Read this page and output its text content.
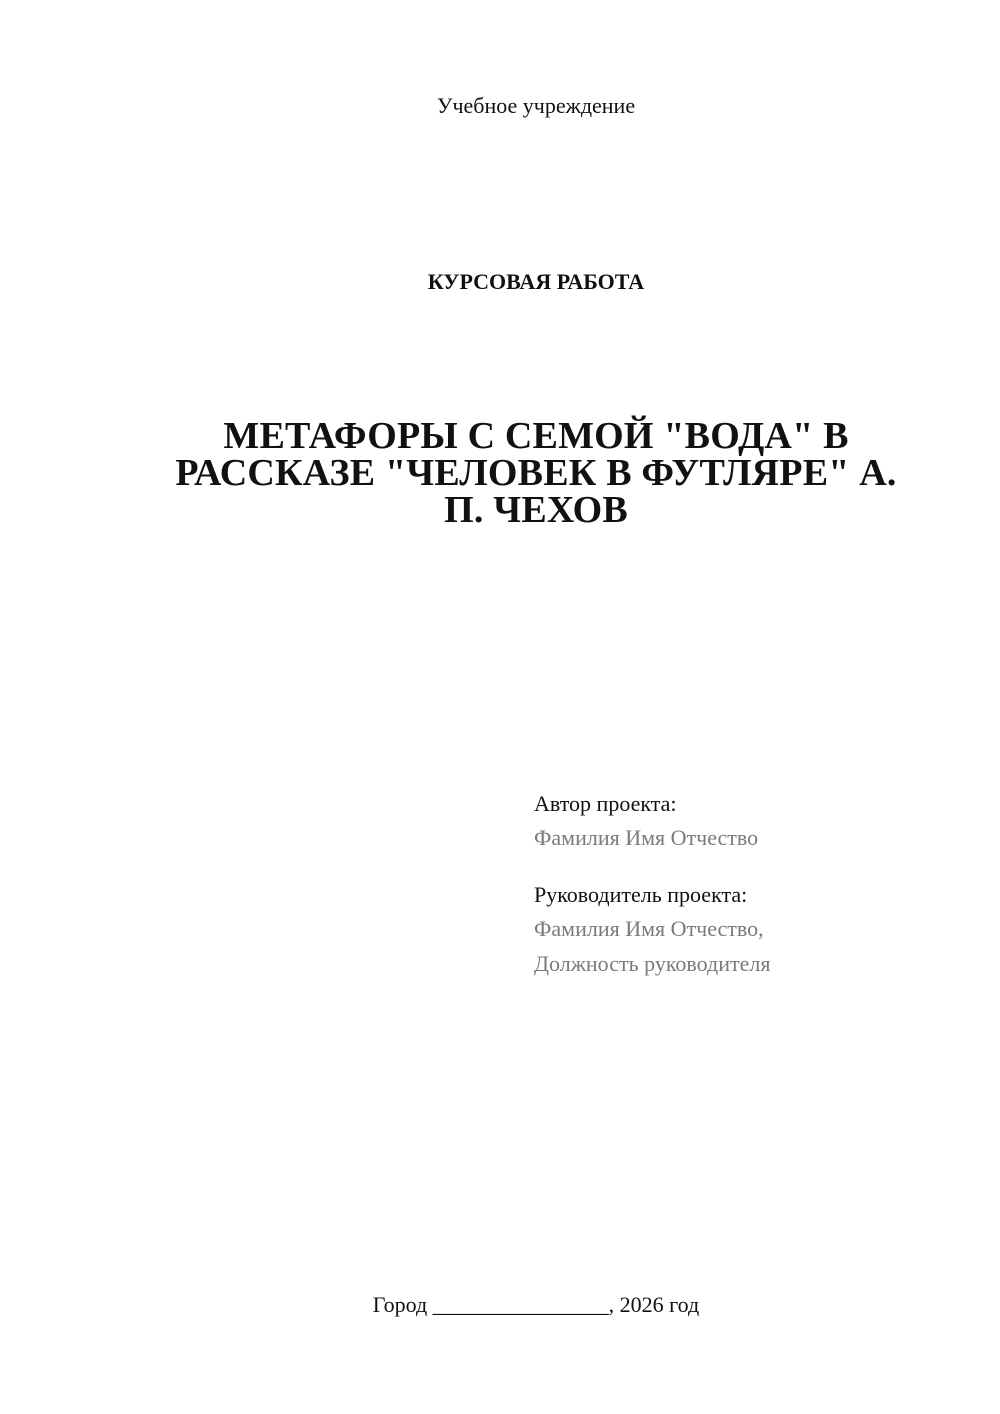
Учебное учреждение
КУРСОВАЯ РАБОТА
МЕТАФОРЫ С СЕМОЙ "ВОДА" В
РАССКАЗЕ "ЧЕЛОВЕК В ФУТЛЯРЕ" А.
П. ЧЕХОВ
Автор проекта:
Фамилия Имя Отчество
Руководитель проекта:
Фамилия Имя Отчество,
Должность руководителя
Город ________________, 2026 год
